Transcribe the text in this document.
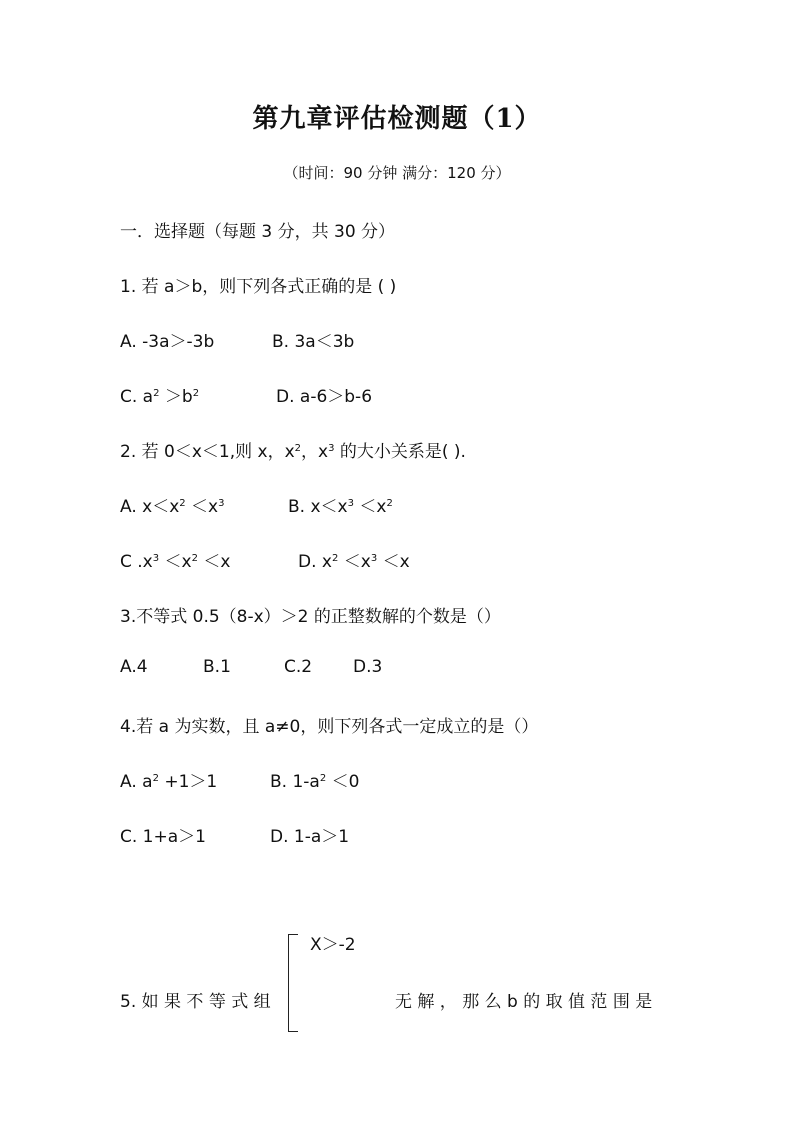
第九章评估检测题（1）
（时间：90 分钟 满分：120 分）
一．选择题（每题 3 分，共 30 分）
1. 若 a＞b，则下列各式正确的是 ( )
A. -3a＞-3b	B. 3a＜3b
C. $a^2 >b^2$	D. a-6＞b-6
2. 若 0＜x＜1,则 x，$x^2$，$x^3$ 的大小关系是( ).
A. $x<x^2 <x^3$	B. $x<x^3 <x^2$
C $.x^3 <x^2 <x$	D. $x^2 <x^3 <x$
3.不等式 0.5（8-x）＞2 的正整数解的个数是（）
A.4	B.1	C.2 D.3
4.若 a 为实数，且 a≠0，则下列各式一定成立的是（）
A. $a^2 +1>1$	B. $1-a^2 <0$
C. 1+a＞1	D. 1-a＞1
X＞-2
5. 如 果 不 等 式 组	无 解 ， 那 么 b 的 取 值 范 围 是
